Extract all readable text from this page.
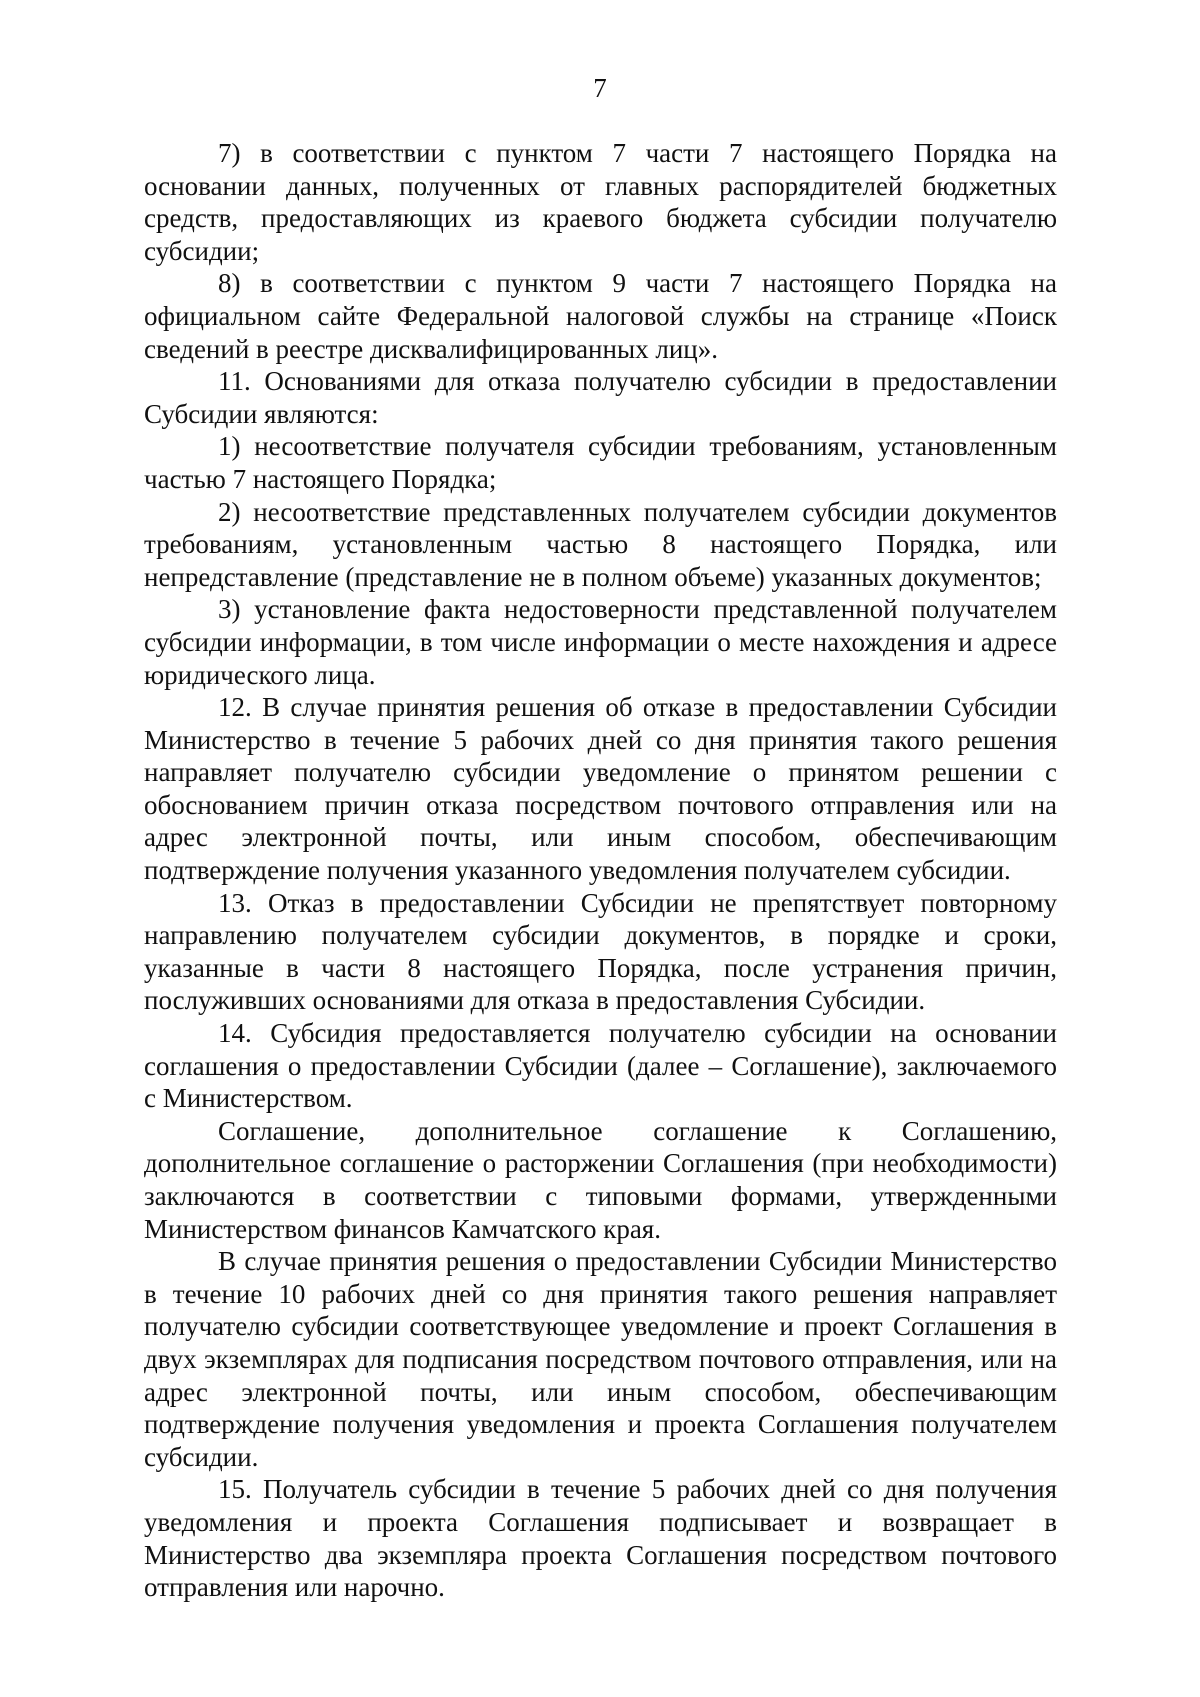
7

7) в соответствии с пунктом 7 части 7 настоящего Порядка на основании данных, полученных от главных распорядителей бюджетных средств, предоставляющих из краевого бюджета субсидии получателю субсидии;

8) в соответствии с пунктом 9 части 7 настоящего Порядка на официальном сайте Федеральной налоговой службы на странице «Поиск сведений в реестре дисквалифицированных лиц».

11. Основаниями для отказа получателю субсидии в предоставлении Субсидии являются:

1) несоответствие получателя субсидии требованиям, установленным частью 7 настоящего Порядка;

2) несоответствие представленных получателем субсидии документов требованиям, установленным частью 8 настоящего Порядка, или непредставление (представление не в полном объеме) указанных документов;

3) установление факта недостоверности представленной получателем субсидии информации, в том числе информации о месте нахождения и адресе юридического лица.

12. В случае принятия решения об отказе в предоставлении Субсидии Министерство в течение 5 рабочих дней со дня принятия такого решения направляет получателю субсидии уведомление о принятом решении с обоснованием причин отказа посредством почтового отправления или на адрес электронной почты, или иным способом, обеспечивающим подтверждение получения указанного уведомления получателем субсидии.

13. Отказ в предоставлении Субсидии не препятствует повторному направлению получателем субсидии документов, в порядке и сроки, указанные в части 8 настоящего Порядка, после устранения причин, послуживших основаниями для отказа в предоставления Субсидии.

14. Субсидия предоставляется получателю субсидии на основании соглашения о предоставлении Субсидии (далее – Соглашение), заключаемого с Министерством.

Соглашение, дополнительное соглашение к Соглашению, дополнительное соглашение о расторжении Соглашения (при необходимости) заключаются в соответствии с типовыми формами, утвержденными Министерством финансов Камчатского края.

В случае принятия решения о предоставлении Субсидии Министерство в течение 10 рабочих дней со дня принятия такого решения направляет получателю субсидии соответствующее уведомление и проект Соглашения в двух экземплярах для подписания посредством почтового отправления, или на адрес электронной почты, или иным способом, обеспечивающим подтверждение получения уведомления и проекта Соглашения получателем субсидии.

15. Получатель субсидии в течение 5 рабочих дней со дня получения уведомления и проекта Соглашения подписывает и возвращает в Министерство два экземпляра проекта Соглашения посредством почтового отправления или нарочно.
